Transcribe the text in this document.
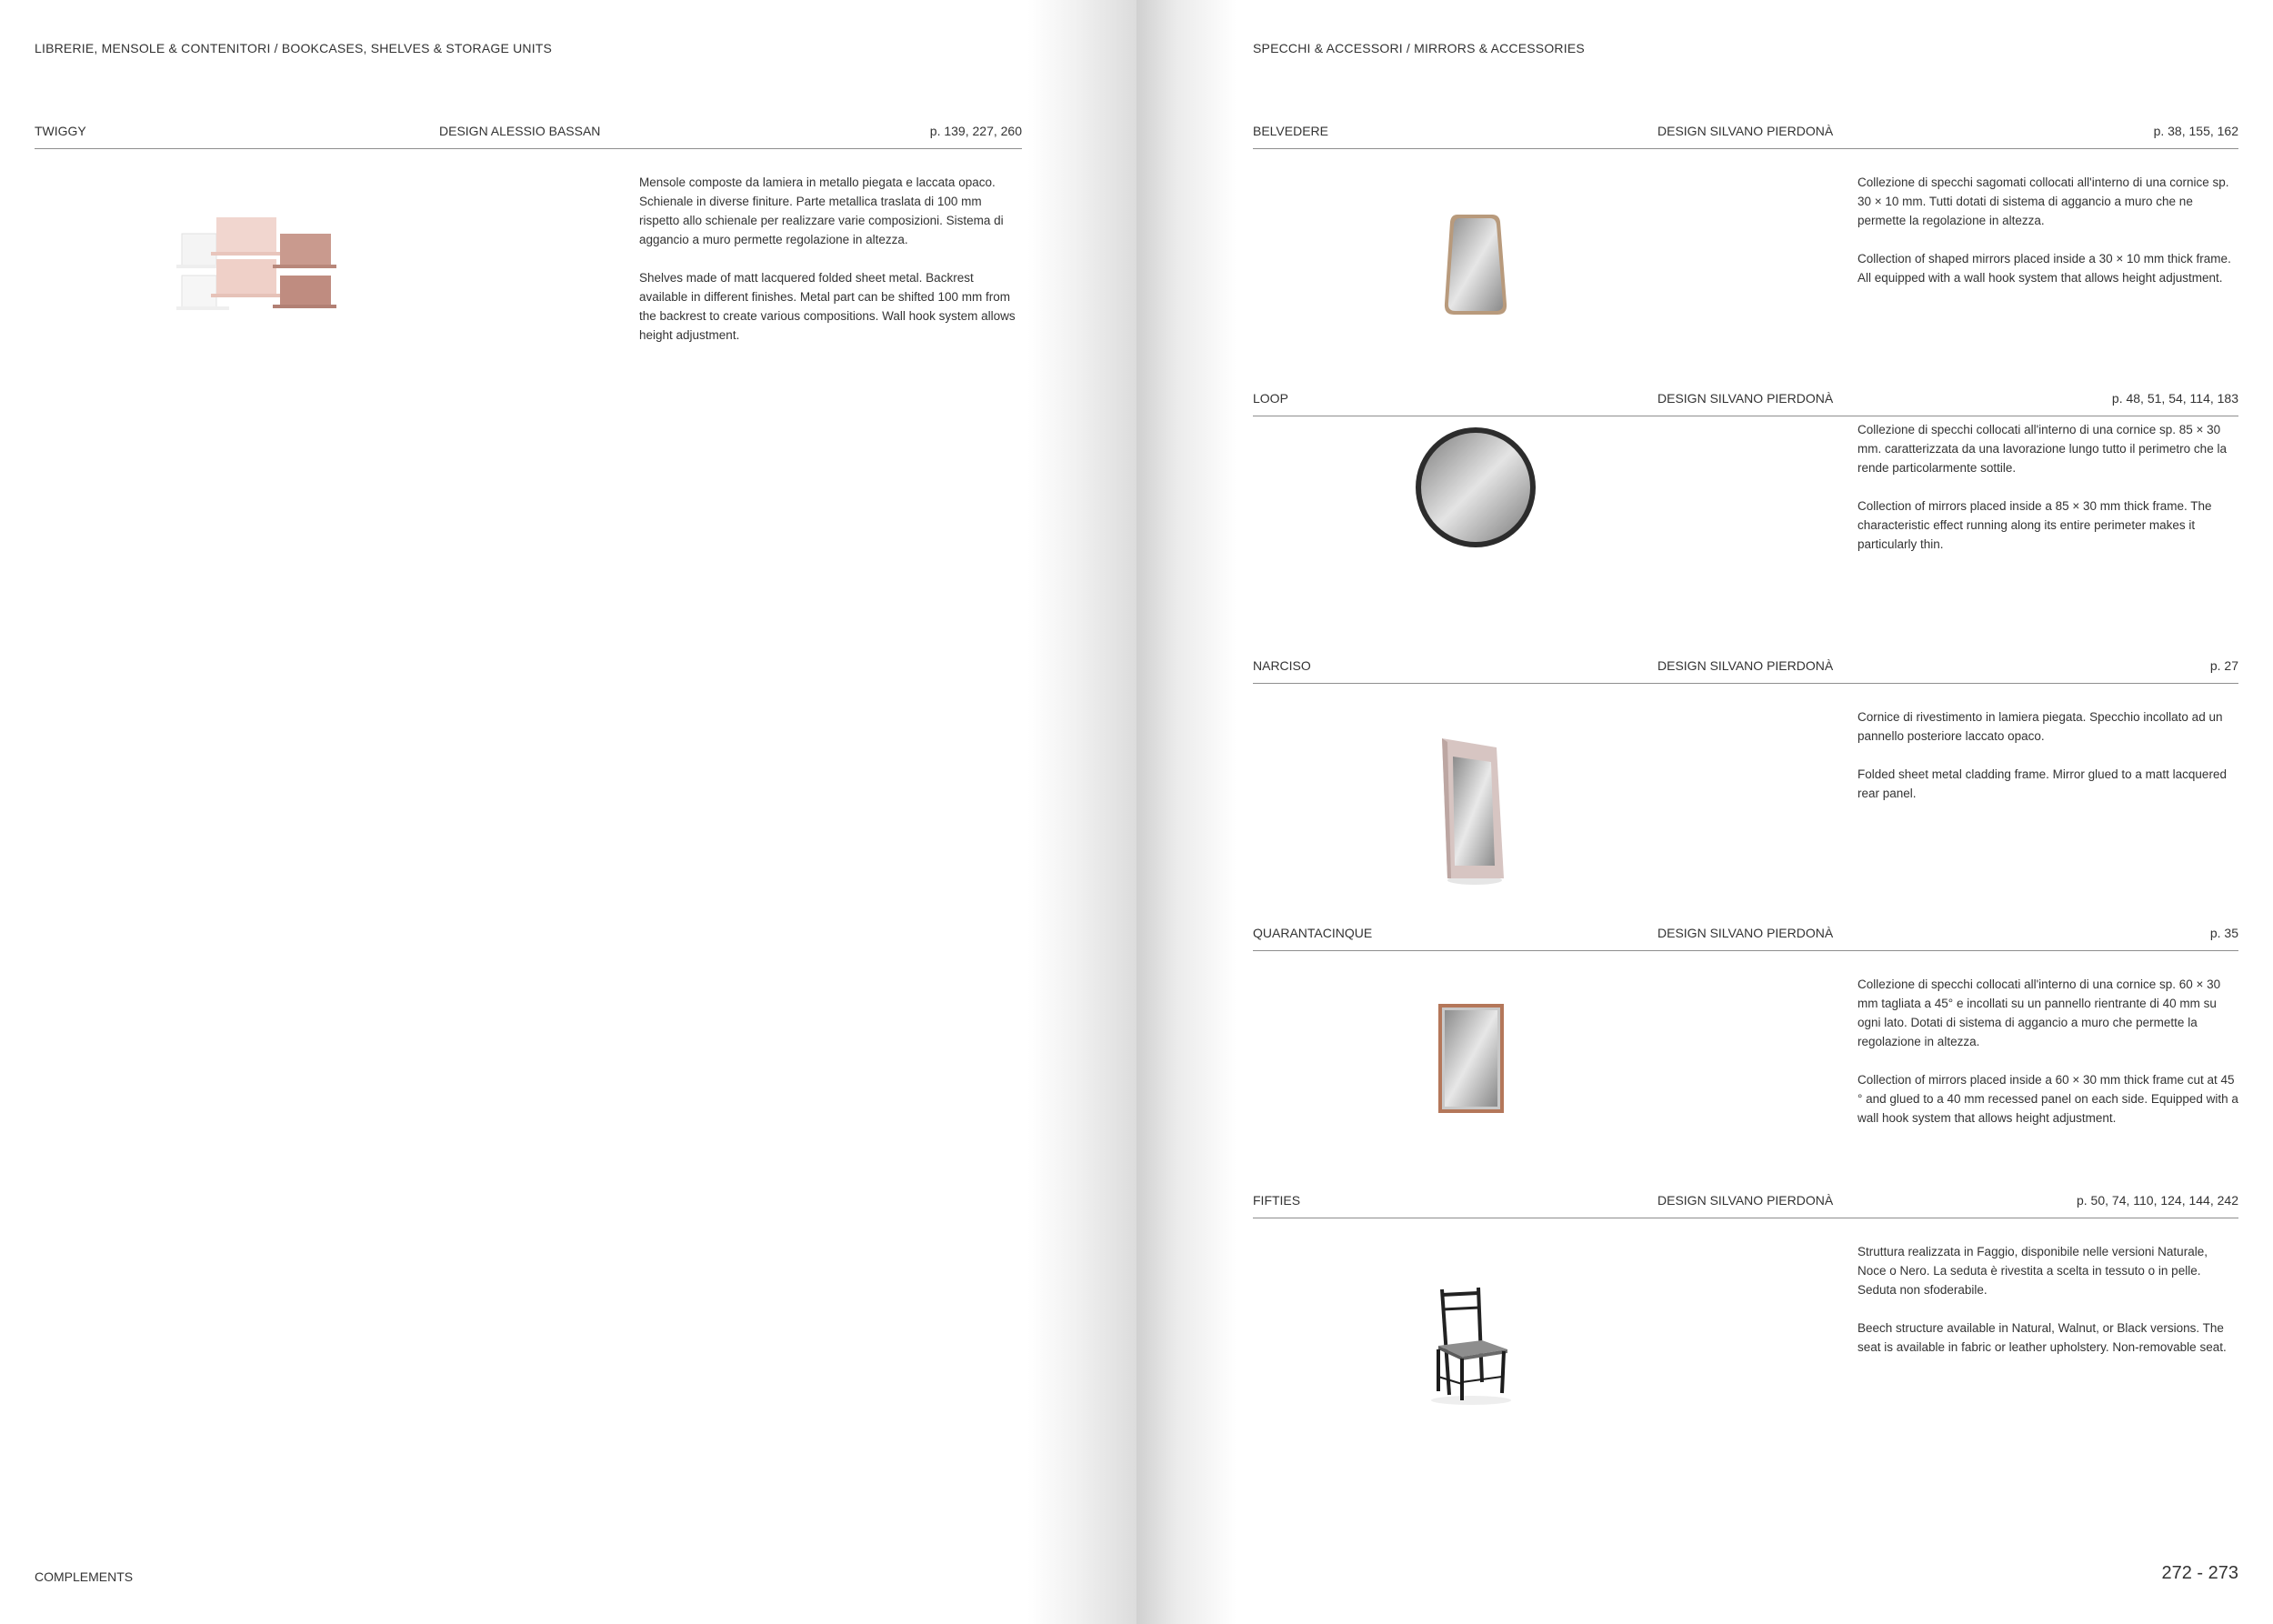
LIBRERIE, MENSOLE & CONTENITORI / BOOKCASES, SHELVES & STORAGE UNITS
TWIGGY	DESIGN ALESSIO BASSAN	p. 139, 227, 260

Mensole composte da lamiera in metallo piegata e laccata opaco. Schienale in diverse finiture. Parte metallica traslata di 100 mm rispetto allo schienale per realizzare varie composizioni. Sistema di aggancio a muro permette regolazione in altezza.

Shelves made of matt lacquered folded sheet metal. Backrest available in different finishes. Metal part can be shifted 100 mm from the backrest to create various compositions. Wall hook system allows height adjustment.

COMPLEMENTS
SPECCHI & ACCESSORI / MIRRORS & ACCESSORIES
BELVEDERE	DESIGN SILVANO PIERDONÀ	p. 38, 155, 162

Collezione di specchi sagomati collocati all'interno di una cornice sp. 30 × 10 mm. Tutti dotati di sistema di aggancio a muro che ne permette la regolazione in altezza.

Collection of shaped mirrors placed inside a 30 × 10 mm thick frame. All equipped with a wall hook system that allows height adjustment.

LOOP	DESIGN SILVANO PIERDONÀ	p. 48, 51, 54, 114, 183

Collezione di specchi collocati all'interno di una cornice sp. 85 × 30 mm. caratterizzata da una lavorazione lungo tutto il perimetro che la rende particolarmente sottile.

Collection of mirrors placed inside a 85 × 30 mm thick frame. The characteristic effect running along its entire perimeter makes it particularly thin.

NARCISO	DESIGN SILVANO PIERDONÀ	p. 27

Cornice di rivestimento in lamiera piegata. Specchio incollato ad un pannello posteriore laccato opaco.

Folded sheet metal cladding frame. Mirror glued to a matt lacquered rear panel.

QUARANTACINQUE	DESIGN SILVANO PIERDONÀ	p. 35

Collezione di specchi collocati all'interno di una cornice sp. 60 × 30 mm tagliata a 45° e incollati su un pannello rientrante di 40 mm su ogni lato. Dotati di sistema di aggancio a muro che permette la regolazione in altezza.

Collection of mirrors placed inside a 60 × 30 mm thick frame cut at 45 ° and glued to a 40 mm recessed panel on each side. Equipped with a wall hook system that allows height adjustment.

FIFTIES	DESIGN SILVANO PIERDONÀ	p. 50, 74, 110, 124, 144, 242

Struttura realizzata in Faggio, disponibile nelle versioni Naturale, Noce o Nero. La seduta è rivestita a scelta in tessuto o in pelle. Seduta non sfoderabile.

Beech structure available in Natural, Walnut, or Black versions. The seat is available in fabric or leather upholstery. Non-removable seat.

272 - 273
